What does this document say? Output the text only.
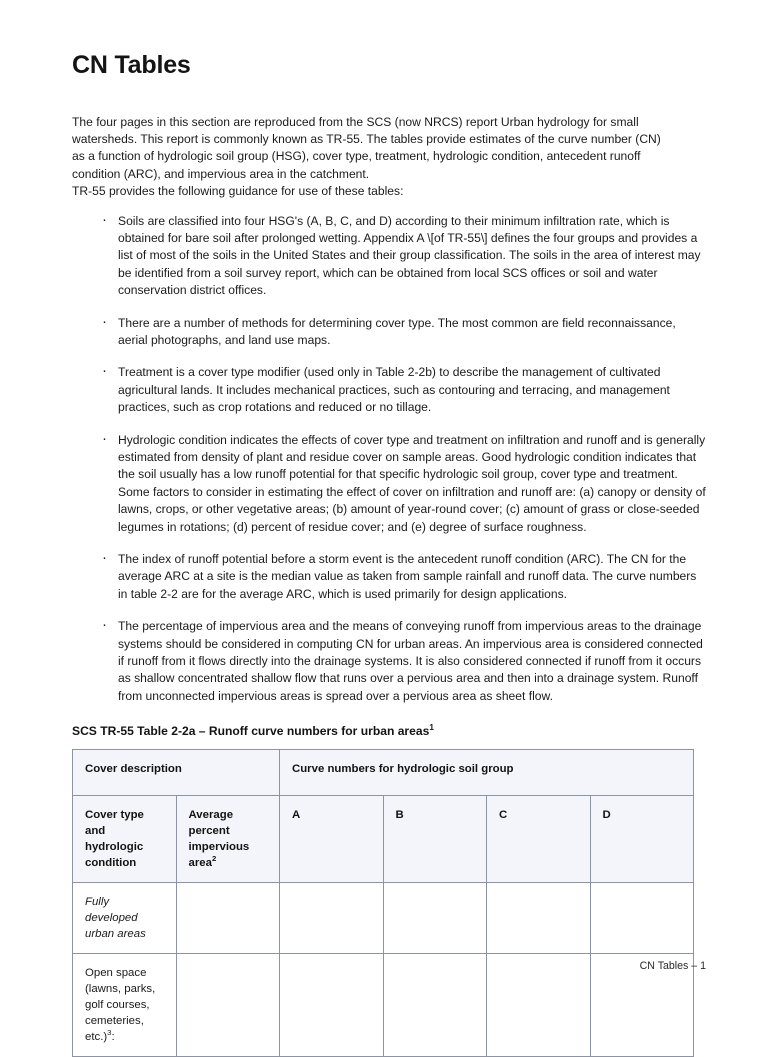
CN Tables

The four pages in this section are reproduced from the SCS (now NRCS) report Urban hydrology for small watersheds. This report is commonly known as TR-55. The tables provide estimates of the curve number (CN) as a function of hydrologic soil group (HSG), cover type, treatment, hydrologic condition, antecedent runoff condition (ARC), and impervious area in the catchment.

TR-55 provides the following guidance for use of these tables:

· Soils are classified into four HSG's (A, B, C, and D) according to their minimum infiltration rate, which is obtained for bare soil after prolonged wetting. Appendix A \[of TR-55\] defines the four groups and provides a list of most of the soils in the United States and their group classification. The soils in the area of interest may be identified from a soil survey report, which can be obtained from local SCS offices or soil and water conservation district offices.
· There are a number of methods for determining cover type. The most common are field reconnaissance, aerial photographs, and land use maps.
· Treatment is a cover type modifier (used only in Table 2-2b) to describe the management of cultivated agricultural lands. It includes mechanical practices, such as contouring and terracing, and management practices, such as crop rotations and reduced or no tillage.
· Hydrologic condition indicates the effects of cover type and treatment on infiltration and runoff and is generally estimated from density of plant and residue cover on sample areas. Good hydrologic condition indicates that the soil usually has a low runoff potential for that specific hydrologic soil group, cover type and treatment. Some factors to consider in estimating the effect of cover on infiltration and runoff are: (a) canopy or density of lawns, crops, or other vegetative areas; (b) amount of year-round cover; (c) amount of grass or close-seeded legumes in rotations; (d) percent of residue cover; and (e) degree of surface roughness.
· The index of runoff potential before a storm event is the antecedent runoff condition (ARC). The CN for the average ARC at a site is the median value as taken from sample rainfall and runoff data. The curve numbers in table 2-2 are for the average ARC, which is used primarily for design applications.
· The percentage of impervious area and the means of conveying runoff from impervious areas to the drainage systems should be considered in computing CN for urban areas. An impervious area is considered connected if runoff from it flows directly into the drainage systems. It is also considered connected if runoff from it occurs as shallow concentrated shallow flow that runs over a pervious area and then into a drainage system. Runoff from unconnected impervious areas is spread over a pervious area as sheet flow.
SCS TR-55 Table 2-2a – Runoff curve numbers for urban areas$^1$
Cover description		Curve numbers for hydrologic soil group			
Cover type and hydrologic condition	Average percent impervious area$^2$	A	B	C	D
Fully developed urban areas					
Open space (lawns, parks, golf courses, cemeteries, etc.)$^3$:					
CN Tables – 1
